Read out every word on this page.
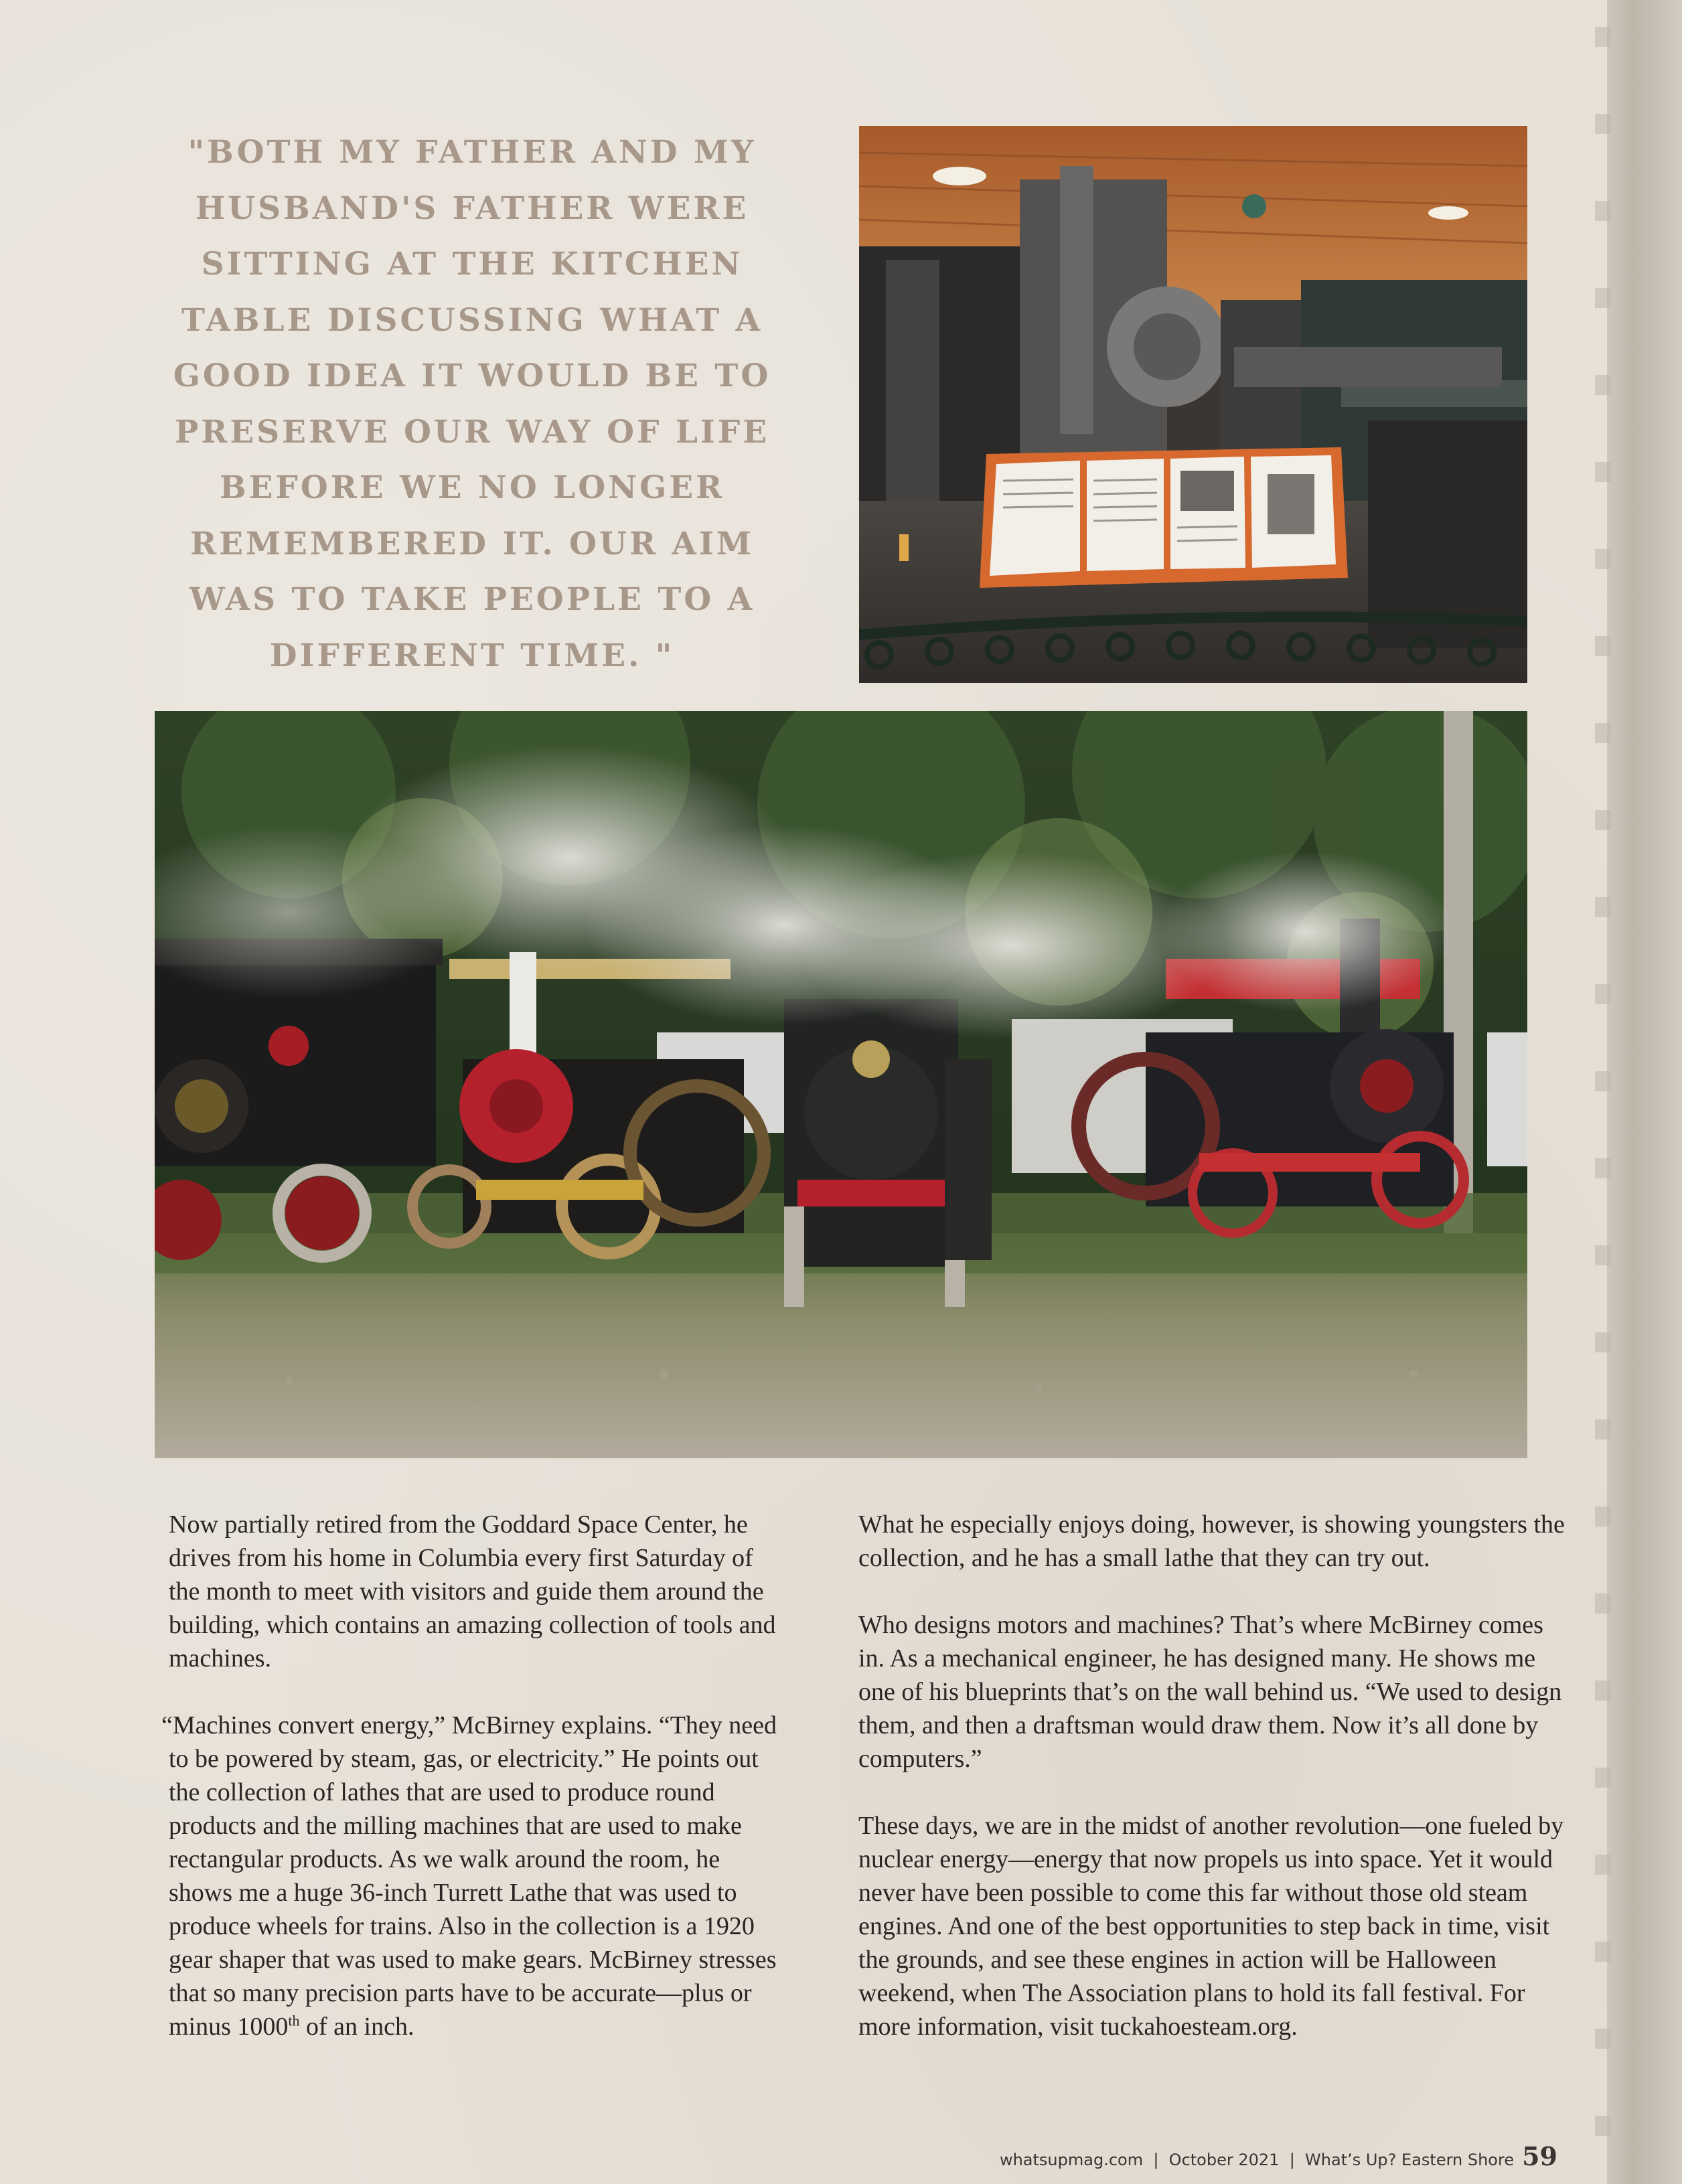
"BOTH MY FATHER AND MY HUSBAND'S FATHER WERE SITTING AT THE KITCHEN TABLE DISCUSSING WHAT A GOOD IDEA IT WOULD BE TO PRESERVE OUR WAY OF LIFE BEFORE WE NO LONGER REMEMBERED IT. OUR AIM WAS TO TAKE PEOPLE TO A DIFFERENT TIME. "

Now partially retired from the Goddard Space Center, he drives from his home in Columbia every first Saturday of the month to meet with visitors and guide them around the building, which contains an amazing collection of tools and machines.

“Machines convert energy,” McBirney explains. “They need to be powered by steam, gas, or electricity.” He points out the collection of lathes that are used to produce round products and the milling machines that are used to make rectangular products. As we walk around the room, he shows me a huge 36-inch Turrett Lathe that was used to produce wheels for trains. Also in the collection is a 1920 gear shaper that was used to make gears. McBirney stresses that so many precision parts have to be accurate—plus or minus 1000th of an inch.

What he especially enjoys doing, however, is showing youngsters the collection, and he has a small lathe that they can try out.

Who designs motors and machines? That’s where McBirney comes in. As a mechanical engineer, he has designed many. He shows me one of his blueprints that’s on the wall behind us. “We used to design them, and then a draftsman would draw them. Now it’s all done by computers.”

These days, we are in the midst of another revolution—one fueled by nuclear energy—energy that now propels us into space. Yet it would never have been possible to come this far without those old steam engines. And one of the best opportunities to step back in time, visit the grounds, and see these engines in action will be Halloween weekend, when The Association plans to hold its fall festival. For more information, visit tuckahoesteam.org.

whatsupmag.com  |  October 2021  |  What’s Up? Eastern Shore 59
